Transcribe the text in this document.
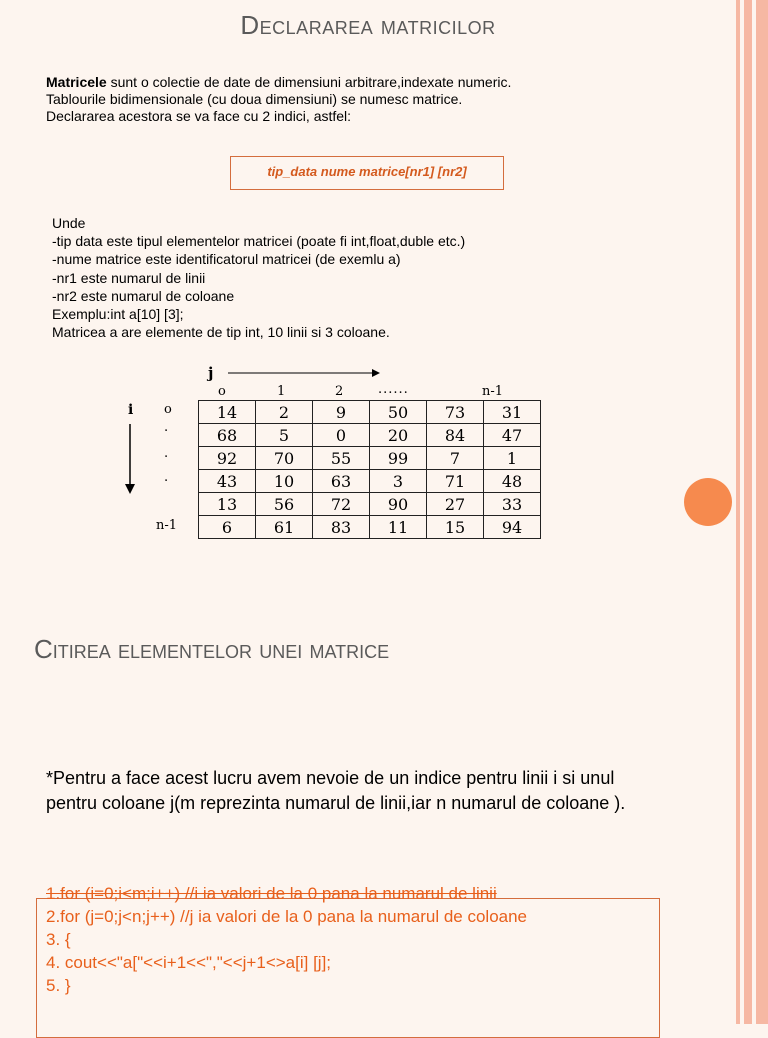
Declararea matricilor
Matricele sunt o colectie de date de dimensiuni arbitrare,indexate numeric.
Tablourile bidimensionale (cu doua dimensiuni) se numesc matrice.
Declararea acestora se va face cu 2 indici, astfel:
tip_data nume matrice[nr1] [nr2]
Unde
-tip data este tipul elementelor matricei (poate fi int,float,duble etc.)
-nume matrice este identificatorul matricei (de exemlu a)
-nr1 este numarul de linii
-nr2 este numarul de coloane
Exemplu:int a[10] [3];
Matricea a are elemente de tip int, 10 linii si 3 coloane.
j
i
o	1	2	......	n-1
o
.
.
.
n-1
14	2	9	50	73	31
68	5	0	20	84	47
92	70	55	99	7	1
43	10	63	3	71	48
13	56	72	90	27	33
6	61	83	11	15	94
Citirea elementelor unei matrice
*Pentru a face acest lucru avem nevoie de un indice pentru linii i si unul
pentru coloane j(m reprezinta numarul de linii,iar n numarul de coloane ).
1.for (i=0;i<m;i++) //i ia valori de la 0 pana la numarul de linii
2.for (j=0;j<n;j++) //j ia valori de la 0 pana la numarul de coloane
3. {
4. cout<<"a["<<i+1<<","<<j+1<>a[i] [j];
5. }
